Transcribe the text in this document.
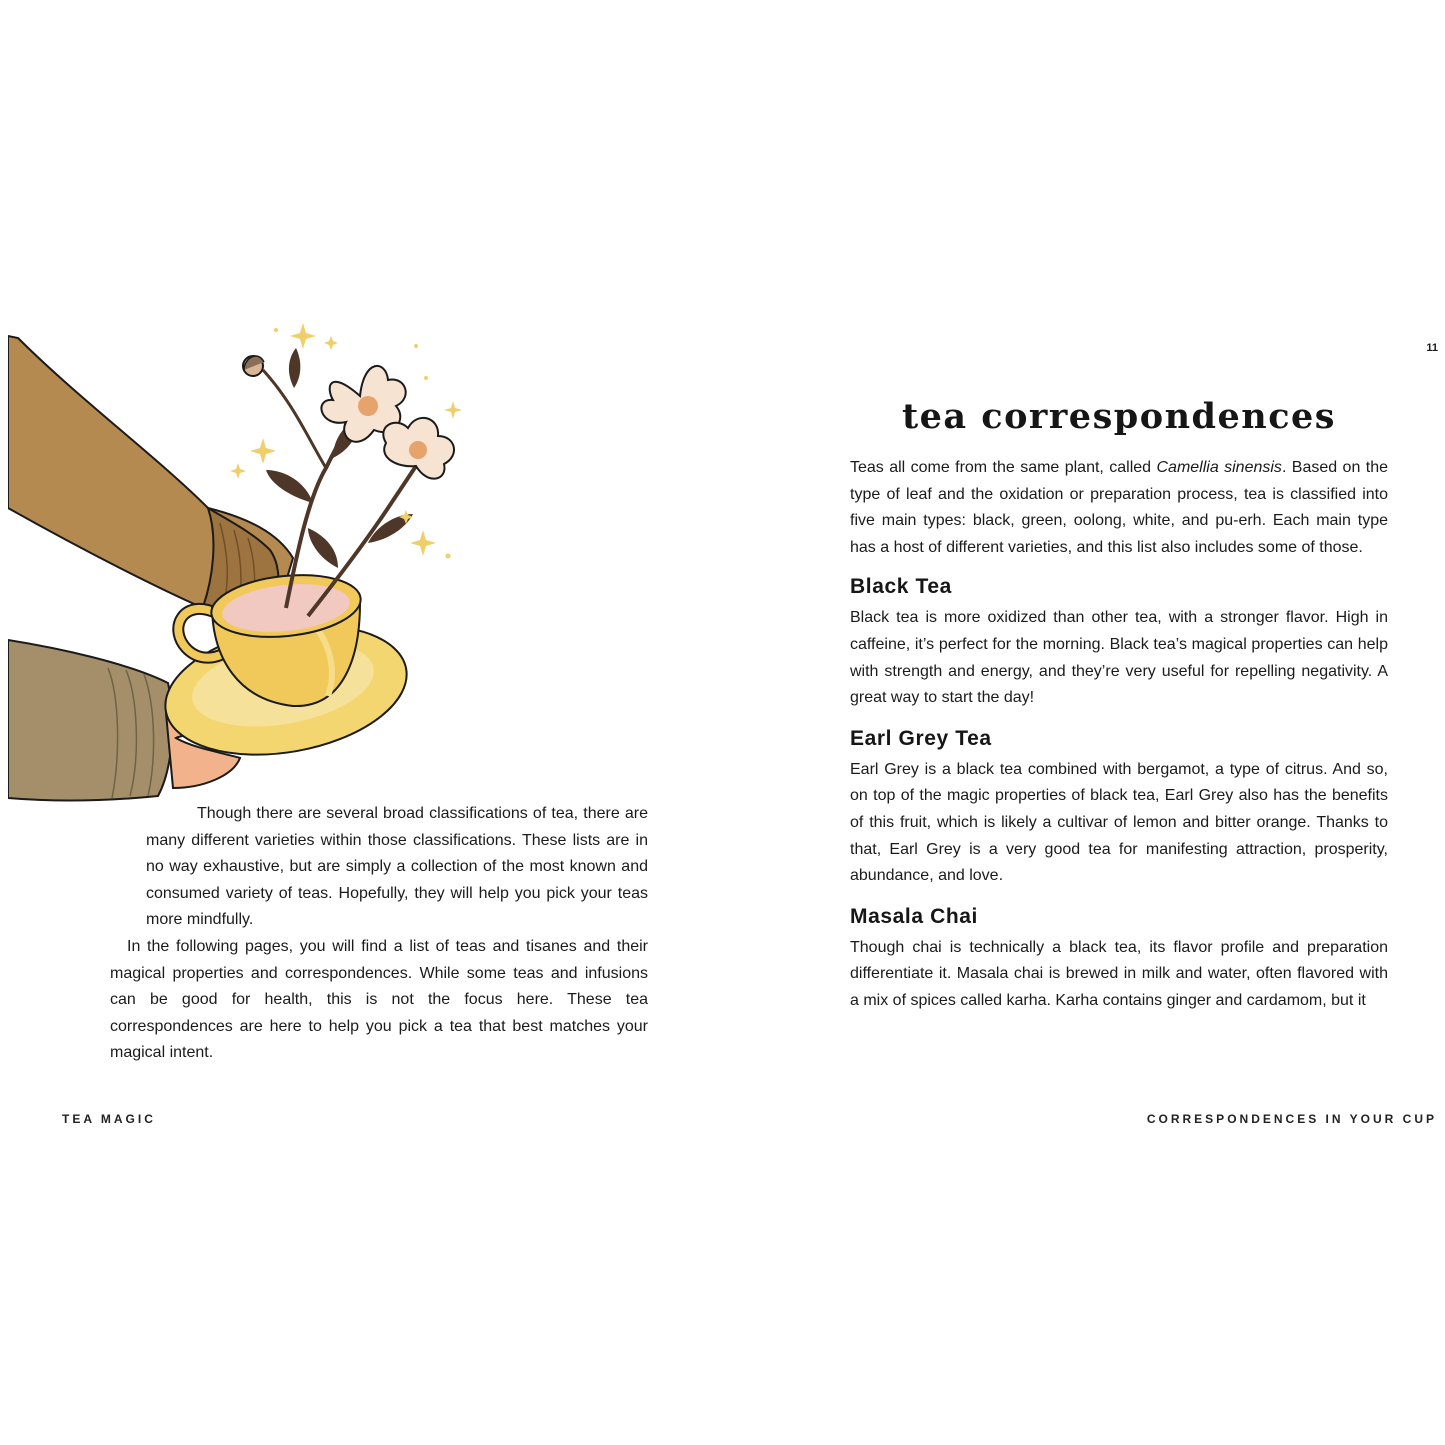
Though there are several broad classifications of tea, there are many different varieties within those classifications. These lists are in no way exhaustive, but are simply a collection of the most known and consumed variety of teas. Hopefully, they will help you pick your teas more mindfully.

In the following pages, you will find a list of teas and tisanes and their magical properties and correspondences. While some teas and infusions can be good for health, this is not the focus here. These tea correspondences are here to help you pick a tea that best matches your magical intent.

TEA MAGIC
11
tea correspondences

Teas all come from the same plant, called Camellia sinensis. Based on the type of leaf and the oxidation or preparation process, tea is classified into five main types: black, green, oolong, white, and pu-erh. Each main type has a host of different varieties, and this list also includes some of those.

Black Tea

Black tea is more oxidized than other tea, with a stronger flavor. High in caffeine, it’s perfect for the morning. Black tea’s magical properties can help with strength and energy, and they’re very useful for repelling negativity. A great way to start the day!

Earl Grey Tea

Earl Grey is a black tea combined with bergamot, a type of citrus. And so, on top of the magic properties of black tea, Earl Grey also has the benefits of this fruit, which is likely a cultivar of lemon and bitter orange. Thanks to that, Earl Grey is a very good tea for manifesting attraction, prosperity, abundance, and love.

Masala Chai

Though chai is technically a black tea, its flavor profile and preparation differentiate it. Masala chai is brewed in milk and water, often flavored with a mix of spices called karha. Karha contains ginger and cardamom, but it

CORRESPONDENCES IN YOUR CUP
